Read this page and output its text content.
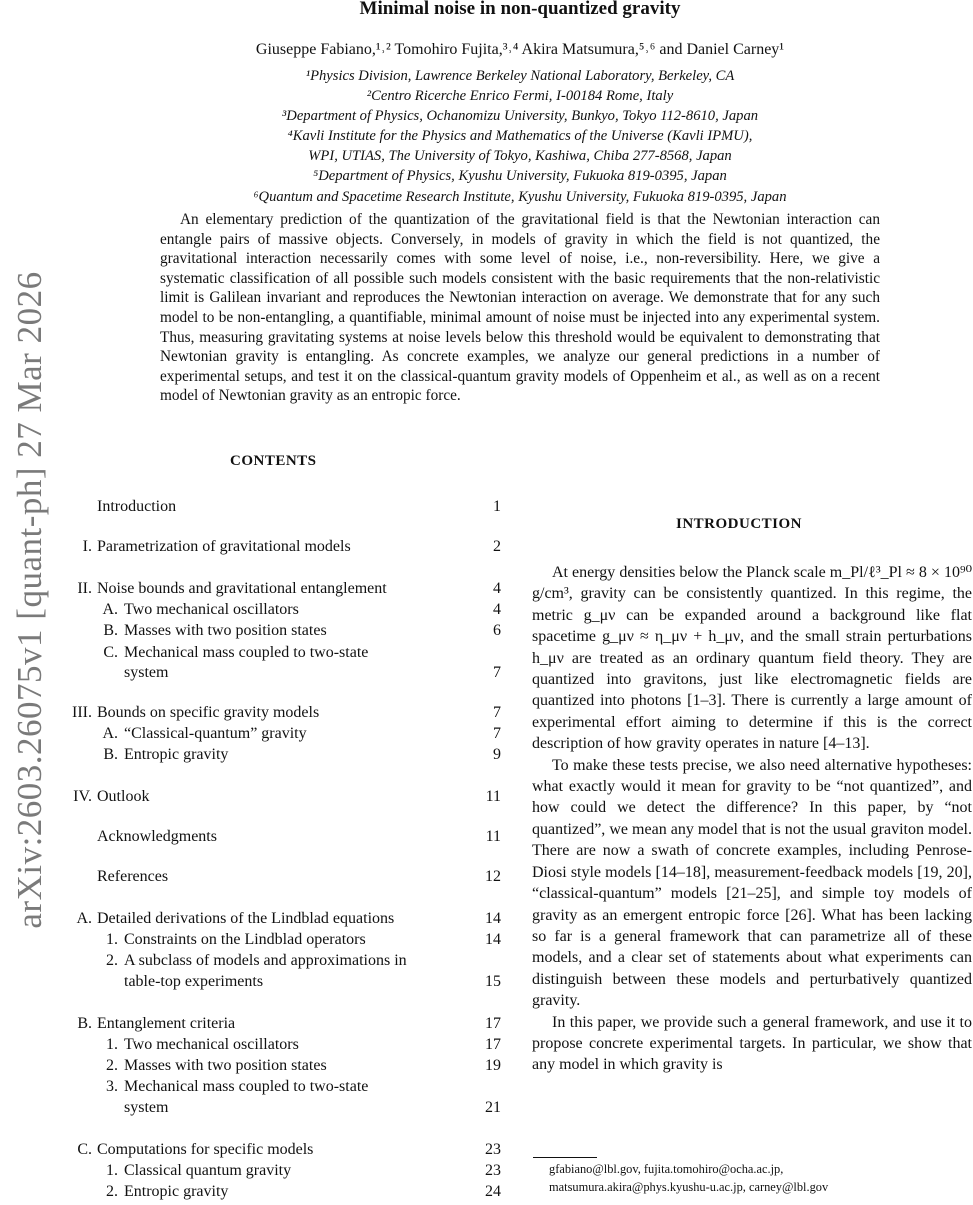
arXiv:2603.26075v1 [quant-ph] 27 Mar 2026
Minimal noise in non-quantized gravity
Giuseppe Fabiano,¹˒² Tomohiro Fujita,³˒⁴ Akira Matsumura,⁵˒⁶ and Daniel Carney¹
¹Physics Division, Lawrence Berkeley National Laboratory, Berkeley, CA
²Centro Ricerche Enrico Fermi, I-00184 Rome, Italy
³Department of Physics, Ochanomizu University, Bunkyo, Tokyo 112-8610, Japan
⁴Kavli Institute for the Physics and Mathematics of the Universe (Kavli IPMU),
WPI, UTIAS, The University of Tokyo, Kashiwa, Chiba 277-8568, Japan
⁵Department of Physics, Kyushu University, Fukuoka 819-0395, Japan
⁶Quantum and Spacetime Research Institute, Kyushu University, Fukuoka 819-0395, Japan
An elementary prediction of the quantization of the gravitational field is that the Newtonian interaction can entangle pairs of massive objects. Conversely, in models of gravity in which the field is not quantized, the gravitational interaction necessarily comes with some level of noise, i.e., non-reversibility. Here, we give a systematic classification of all possible such models consistent with the basic requirements that the non-relativistic limit is Galilean invariant and reproduces the Newtonian interaction on average. We demonstrate that for any such model to be non-entangling, a quantifiable, minimal amount of noise must be injected into any experimental system. Thus, measuring gravitating systems at noise levels below this threshold would be equivalent to demonstrating that Newtonian gravity is entangling. As concrete examples, we analyze our general predictions in a number of experimental setups, and test it on the classical-quantum gravity models of Oppenheim et al., as well as on a recent model of Newtonian gravity as an entropic force.
CONTENTS
Introduction	1
I. Parametrization of gravitational models	2
II. Noise bounds and gravitational entanglement	4
A. Two mechanical oscillators	4
B. Masses with two position states	6
C. Mechanical mass coupled to two-state
system	7
III. Bounds on specific gravity models	7
A. “Classical-quantum” gravity	7
B. Entropic gravity	9
IV. Outlook	11
Acknowledgments	11
References	12
A. Detailed derivations of the Lindblad equations	14
1. Constraints on the Lindblad operators	14
2. A subclass of models and approximations in
table-top experiments	15
B. Entanglement criteria	17
1. Two mechanical oscillators	17
2. Masses with two position states	19
3. Mechanical mass coupled to two-state
system	21
C. Computations for specific models	23
1. Classical quantum gravity	23
2. Entropic gravity	24
INTRODUCTION

At energy densities below the Planck scale m_Pl/ℓ³_Pl ≈ 8 × 10⁹⁰ g/cm³, gravity can be consistently quantized. In this regime, the metric g_μν can be expanded around a background like flat spacetime g_μν ≈ η_μν + h_μν, and the small strain perturbations h_μν are treated as an ordinary quantum field theory. They are quantized into gravitons, just like electromagnetic fields are quantized into photons [1–3]. There is currently a large amount of experimental effort aiming to determine if this is the correct description of how gravity operates in nature [4–13].

To make these tests precise, we also need alternative hypotheses: what exactly would it mean for gravity to be “not quantized”, and how could we detect the difference? In this paper, by “not quantized”, we mean any model that is not the usual graviton model. There are now a swath of concrete examples, including Penrose-Diosi style models [14–18], measurement-feedback models [19, 20], “classical-quantum” models [21–25], and simple toy models of gravity as an emergent entropic force [26]. What has been lacking so far is a general framework that can parametrize all of these models, and a clear set of statements about what experiments can distinguish between these models and perturbatively quantized gravity.

In this paper, we provide such a general framework, and use it to propose concrete experimental targets. In particular, we show that any model in which gravity is

gfabiano@lbl.gov, fujita.tomohiro@ocha.ac.jp,
matsumura.akira@phys.kyushu-u.ac.jp, carney@lbl.gov
